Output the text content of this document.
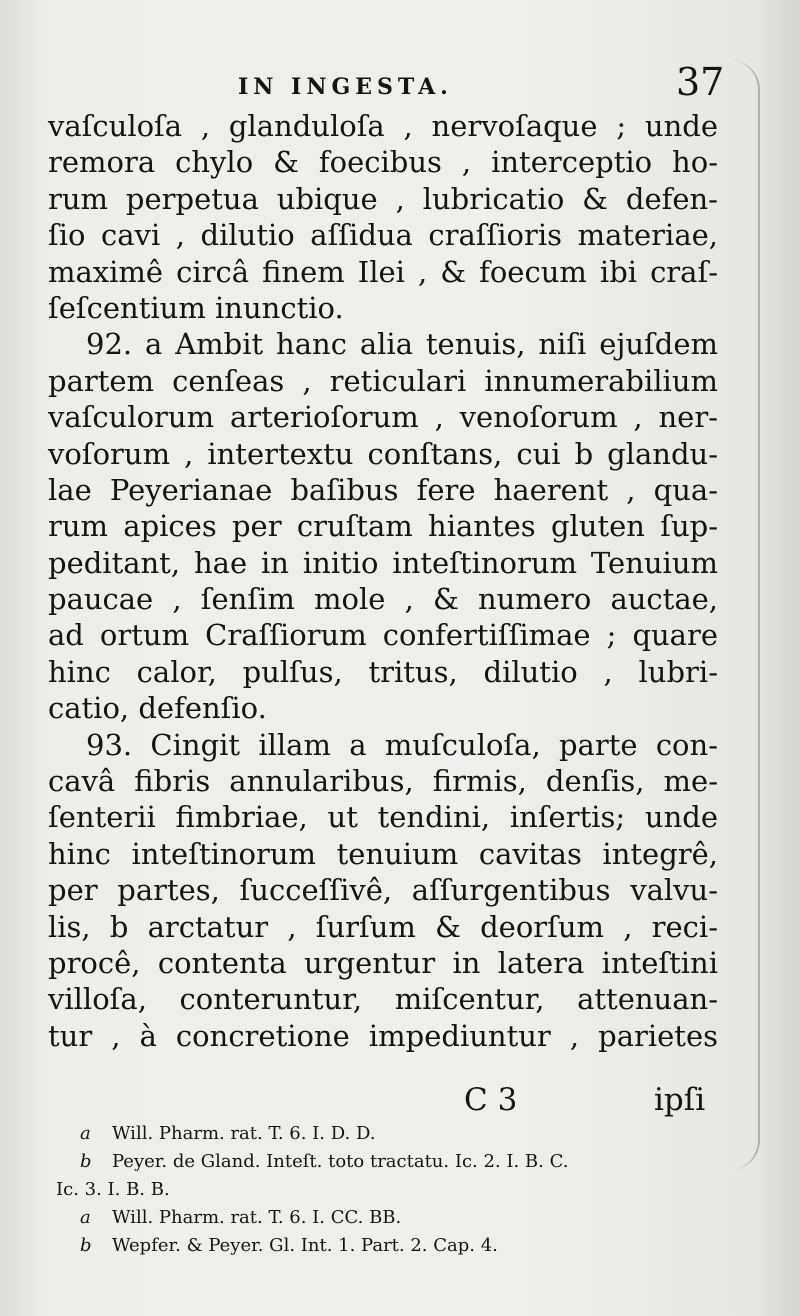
IN INGESTA.	37
vaſculoſa , glanduloſa , nervoſaque ; unde
remora chylo & foecibus , interceptio ho-
rum perpetua ubique , lubricatio & defen-
ſio cavi , dilutio aſſidua craſſioris materiae,
maximê circâ finem Ilei , & foecum ibi craſ-
ſeſcentium inunctio.
92. a Ambit hanc alia tenuis, niſi ejuſdem
partem cenſeas , reticulari innumerabilium
vaſculorum arterioſorum , venoſorum , ner-
voſorum , intertextu conſtans, cui b glandu-
lae Peyerianae baſibus fere haerent , qua-
rum apices per cruſtam hiantes gluten ſup-
peditant, hae in initio inteſtinorum Tenuium
paucae , ſenſim mole , & numero auctae,
ad ortum Craſſiorum confertiſſimae ; quare
hinc calor, pulſus, tritus, dilutio , lubri-
catio, defenſio.
93. Cingit illam a muſculoſa, parte con-
cavâ fibris annularibus, firmis, denſis, me-
ſenterii fimbriae, ut tendini, inſertis; unde
hinc inteſtinorum tenuium cavitas integrê,
per partes, ſucceſſivê, aſſurgentibus valvu-
lis, b arctatur , ſurſum & deorſum , reci-
procê, contenta urgentur in latera inteſtini
villoſa, conteruntur, miſcentur, attenuan-
tur , à concretione impediuntur , parietes
C 3	ipſi
a Will. Pharm. rat. T. 6. I. D. D.
b Peyer. de Gland. Inteſt. toto tractatu. Ic. 2. I. B. C.
Ic. 3. I. B. B.
a Will. Pharm. rat. T. 6. I. CC. BB.
b Wepfer. & Peyer. Gl. Int. 1. Part. 2. Cap. 4.
